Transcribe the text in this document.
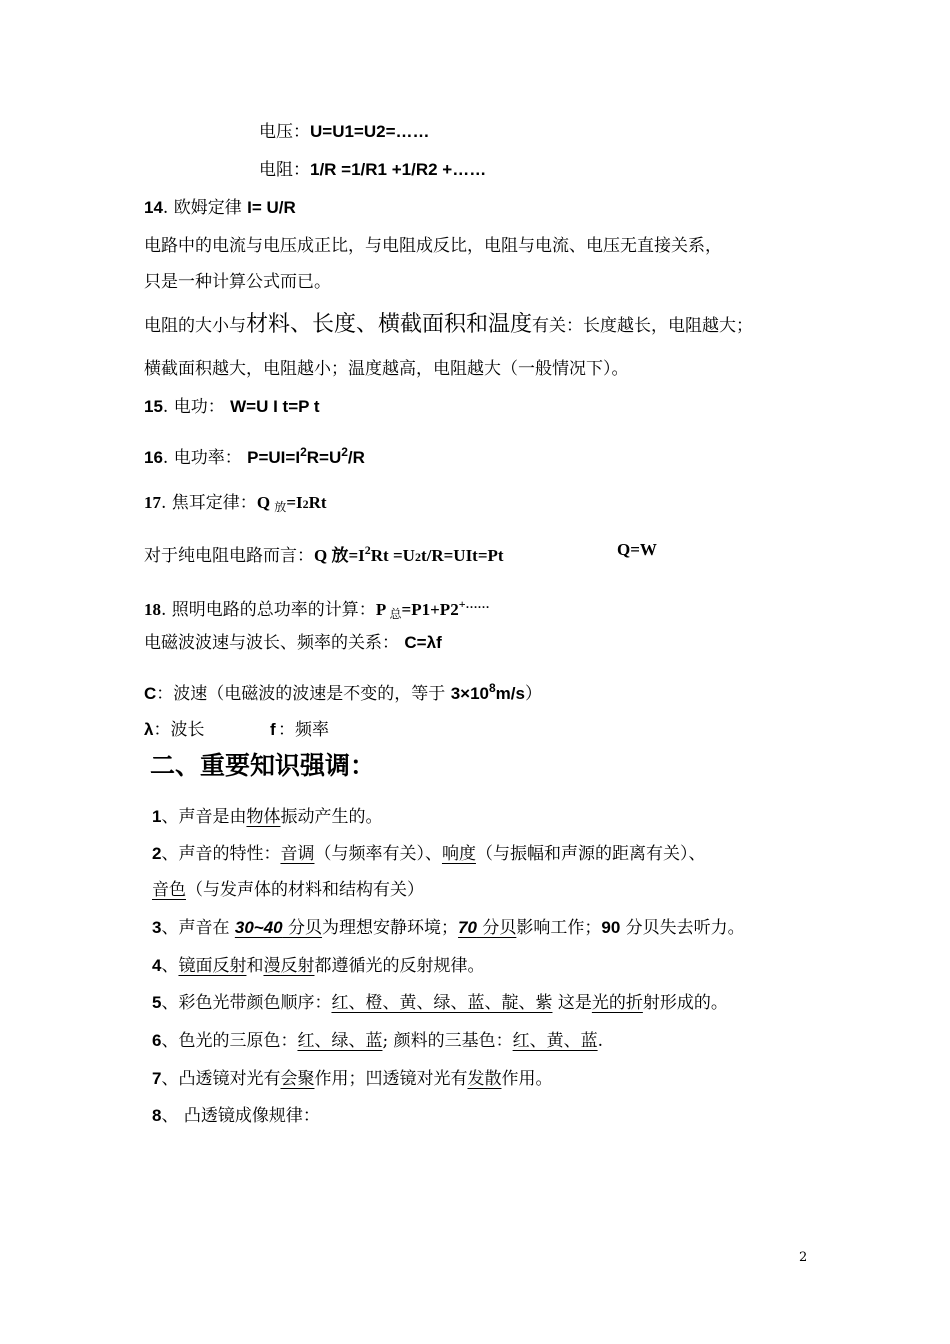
电压：U=U1=U2=……
电阻：1/R =1/R1 +1/R2 +……
14. 欧姆定律 I= U/R
电路中的电流与电压成正比，与电阻成反比，电阻与电流、电压无直接关系，
只是一种计算公式而已。
电阻的大小与材料、长度、横截面积和温度有关：长度越长，电阻越大；
横截面积越大，电阻越小；温度越高，电阻越大（一般情况下）。
15. 电功： W=U I t=P t
16. 电功率： $P=UI=I^2R=U^2/R$
17. 焦耳定律：Q $_放$=I2Rt
对于纯电阻电路而言：Q 放$=I^2Rt =U2t/R=UIt=Pt$	Q=W
18. 照明电路的总功率的计算：P $_总$=P1+P2+……
电磁波波速与波长、频率的关系： C=λf
C：波速（电磁波的波速是不变的，等于 $3\times 10^8m/s$）
λ：波长	f ：频率
二、重要知识强调：
1、声音是由物体振动产生的。
2、声音的特性：音调（与频率有关）、响度（与振幅和声源的距离有关）、
音色（与发声体的材料和结构有关）
3、声音在 30~40 分贝为理想安静环境；70 分贝影响工作；90 分贝失去听力。
4、镜面反射和漫反射都遵循光的反射规律。
5、彩色光带颜色顺序：红、橙、黄、绿、蓝、靛、紫 这是光的折射形成的。
6、色光的三原色：红、绿、蓝; 颜料的三基色：红、黄、蓝.
7、凸透镜对光有会聚作用；凹透镜对光有发散作用。
8、 凸透镜成像规律：
2
